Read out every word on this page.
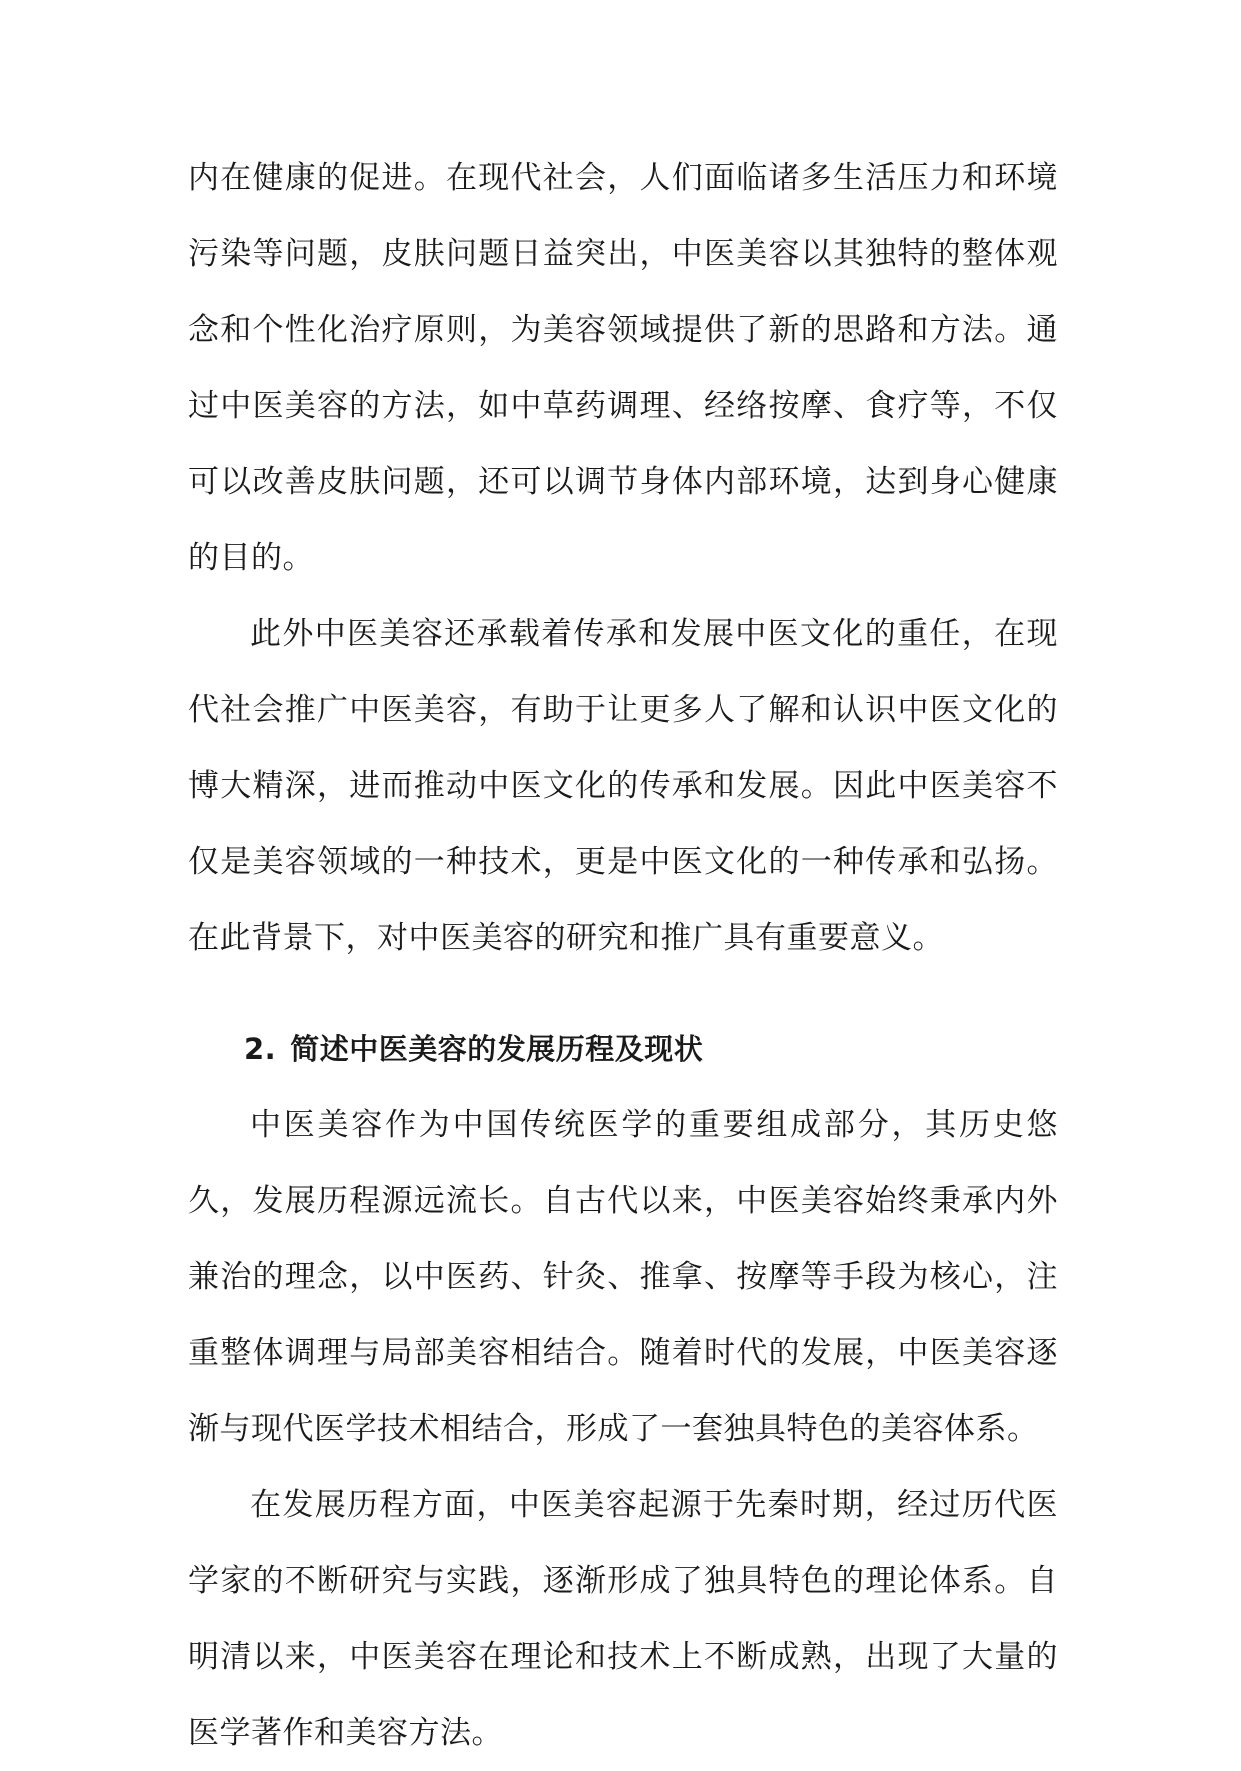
内在健康的促进。在现代社会，人们面临诸多生活压力和环境污染等问题，皮肤问题日益突出，中医美容以其独特的整体观念和个性化治疗原则，为美容领域提供了新的思路和方法。通过中医美容的方法，如中草药调理、经络按摩、食疗等，不仅可以改善皮肤问题，还可以调节身体内部环境，达到身心健康的目的。

此外中医美容还承载着传承和发展中医文化的重任，在现代社会推广中医美容，有助于让更多人了解和认识中医文化的博大精深，进而推动中医文化的传承和发展。因此中医美容不仅是美容领域的一种技术，更是中医文化的一种传承和弘扬。在此背景下，对中医美容的研究和推广具有重要意义。

2. 简述中医美容的发展历程及现状

中医美容作为中国传统医学的重要组成部分，其历史悠久，发展历程源远流长。自古代以来，中医美容始终秉承内外兼治的理念，以中医药、针灸、推拿、按摩等手段为核心，注重整体调理与局部美容相结合。随着时代的发展，中医美容逐渐与现代医学技术相结合，形成了一套独具特色的美容体系。

在发展历程方面，中医美容起源于先秦时期，经过历代医学家的不断研究与实践，逐渐形成了独具特色的理论体系。自明清以来，中医美容在理论和技术上不断成熟，出现了大量的医学著作和美容方法。
